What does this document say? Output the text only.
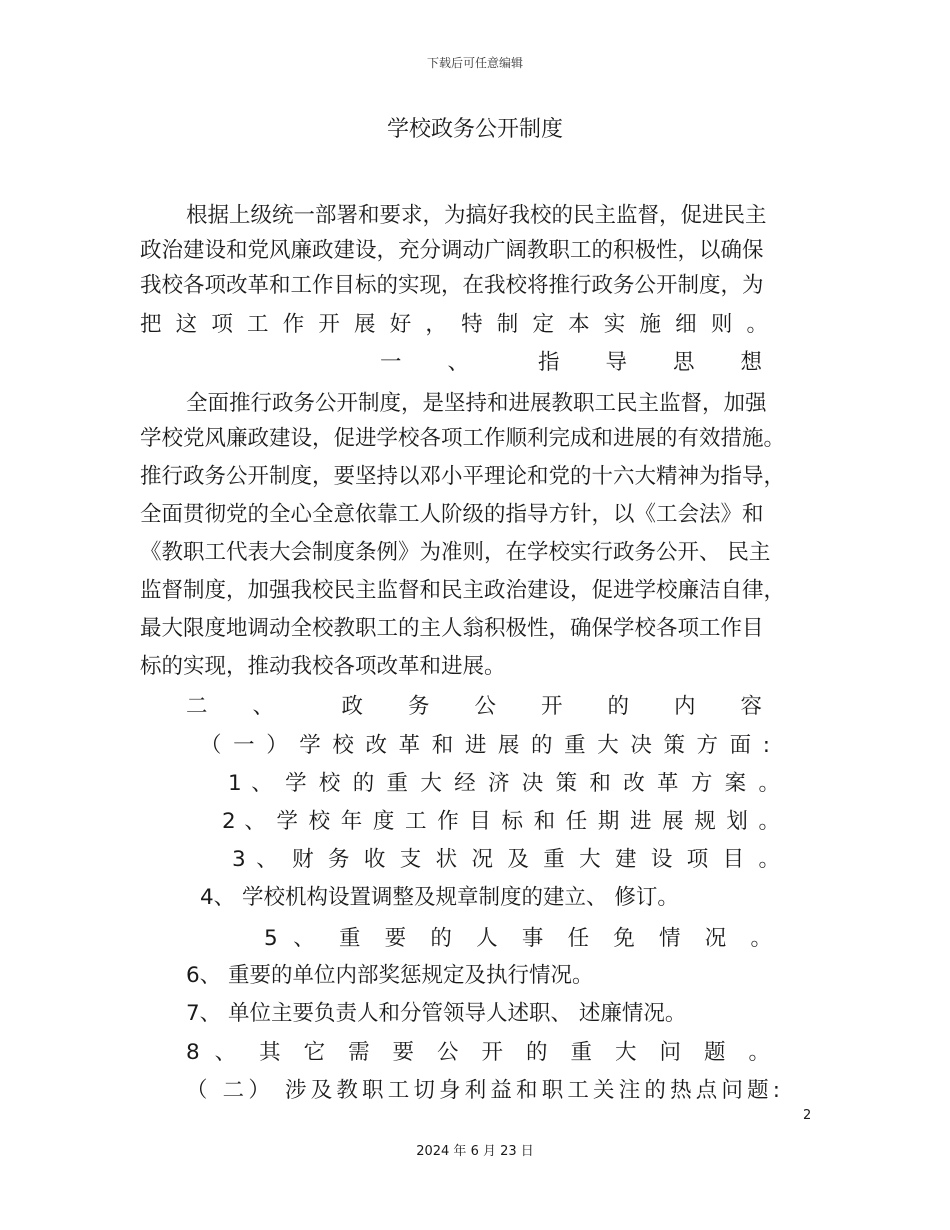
下载后可任意编辑
学校政务公开制度
根据上级统一部署和要求，为搞好我校的民主监督，促进民主
政治建设和党风廉政建设，充分调动广阔教职工的积极性，以确保
我校各项改革和工作目标的实现，在我校将推行政务公开制度，为
把 这 项 工 作 开 展 好 ， 特 制 定 本 实 施 细 则 。
一　、　　指　导　思　想
全面推行政务公开制度，是坚持和进展教职工民主监督，加强
学校党风廉政建设，促进学校各项工作顺利完成和进展的有效措施。
推行政务公开制度，要坚持以邓小平理论和党的十六大精神为指导，
全面贯彻党的全心全意依靠工人阶级的指导方针，以《工会法》和
《教职工代表大会制度条例》为准则，在学校实行政务公开、 民主
监督制度，加强我校民主监督和民主政治建设，促进学校廉洁自律，
最大限度地调动全校教职工的主人翁积极性，确保学校各项工作目
标的实现，推动我校各项改革和进展。
二　、　　政　务　公　开　的　内　容
（ 一 ） 学 校 改 革 和 进 展 的 重 大 决 策 方 面 :
1 、 学 校 的 重 大 经 济 决 策 和 改 革 方 案 。
2 、 学 校 年 度 工 作 目 标 和 任 期 进 展 规 划 。
3 、 财 务 收 支 状 况 及 重 大 建 设 项 目 。
4、 学校机构设置调整及规章制度的建立、 修订。
5 、 重 要 的 人 事 任 免 情 况 。
6、 重要的单位内部奖惩规定及执行情况。
7、 单位主要负责人和分管领导人述职、 述廉情况。
8 、 其 它 需 要 公 开 的 重 大 问 题 。
（ 二） 涉及教职工切身利益和职工关注的热点问题:
2
2024 年 6 月 23 日
